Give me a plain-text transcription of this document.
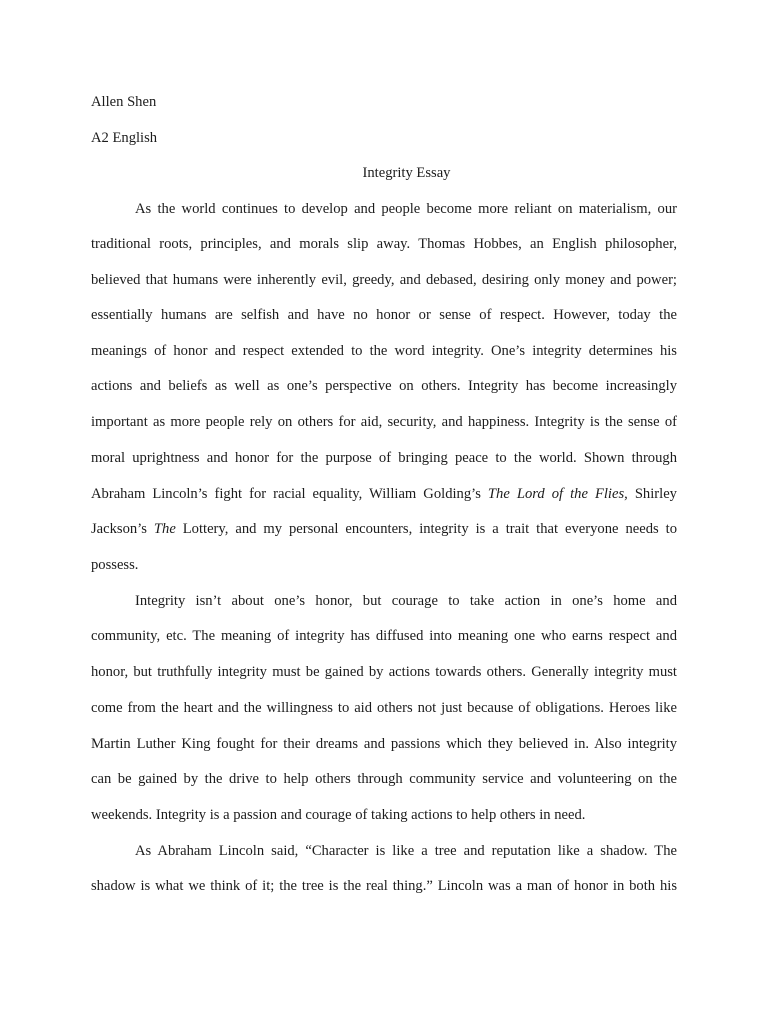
Allen Shen
A2 English
Integrity Essay
As the world continues to develop and people become more reliant on materialism, our
traditional roots, principles, and morals slip away. Thomas Hobbes, an English philosopher,
believed that humans were inherently evil, greedy, and debased, desiring only money and power;
essentially humans are selfish and have no honor or sense of respect. However, today the
meanings of honor and respect extended to the word integrity. One’s integrity determines his
actions and beliefs as well as one’s perspective on others. Integrity has become increasingly
important as more people rely on others for aid, security, and happiness. Integrity is the sense of
moral uprightness and honor for the purpose of bringing peace to the world. Shown through
Abraham Lincoln’s fight for racial equality, William Golding’s The Lord of the Flies, Shirley
Jackson’s The Lottery, and my personal encounters, integrity is a trait that everyone needs to
possess.
Integrity isn’t about one’s honor, but courage to take action in one’s home and
community, etc. The meaning of integrity has diffused into meaning one who earns respect and
honor, but truthfully integrity must be gained by actions towards others. Generally integrity must
come from the heart and the willingness to aid others not just because of obligations. Heroes like
Martin Luther King fought for their dreams and passions which they believed in. Also integrity
can be gained by the drive to help others through community service and volunteering on the
weekends. Integrity is a passion and courage of taking actions to help others in need.
As Abraham Lincoln said, “Character is like a tree and reputation like a shadow. The
shadow is what we think of it; the tree is the real thing.” Lincoln was a man of honor in both his
